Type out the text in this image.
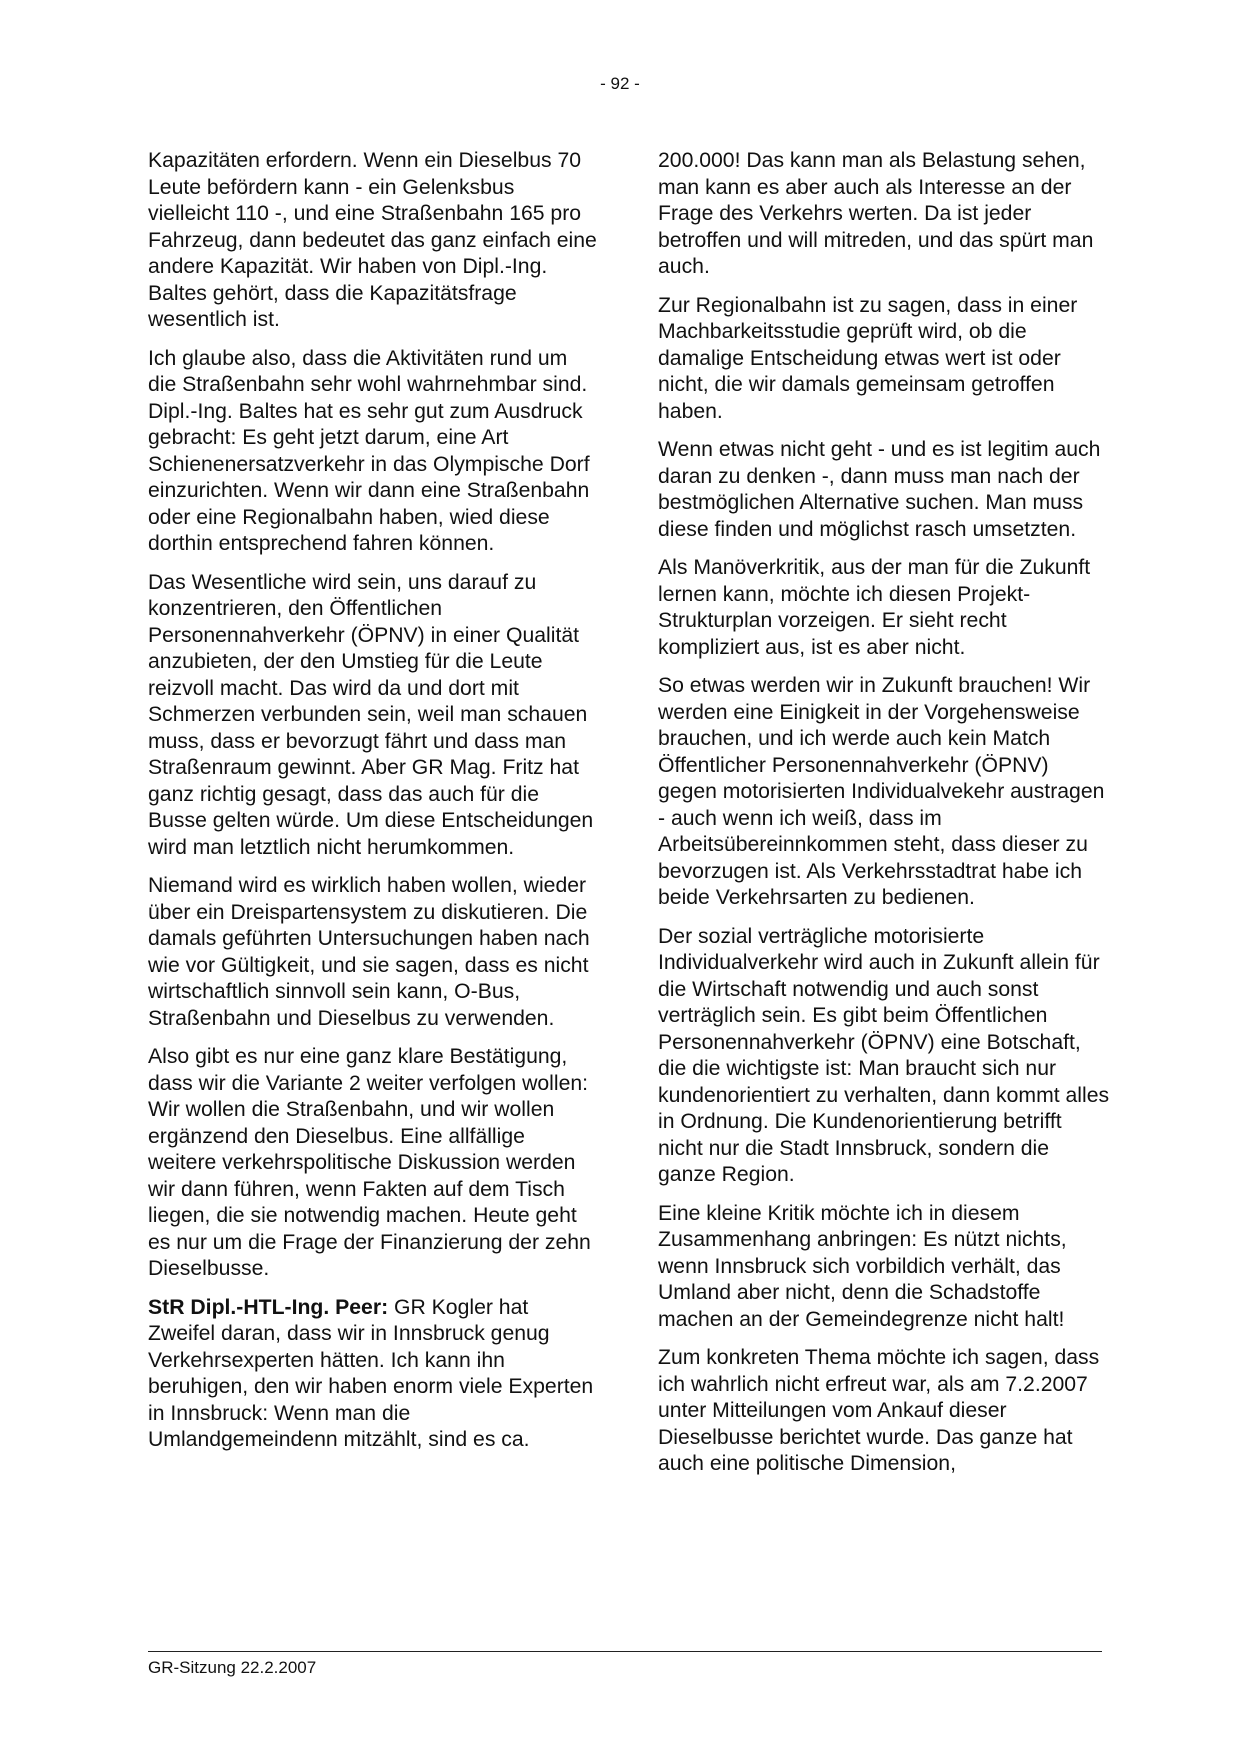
- 92 -

Kapazitäten erfordern. Wenn ein Dieselbus 70 Leute befördern kann - ein Gelenksbus vielleicht 110 -, und eine Straßenbahn 165 pro Fahrzeug, dann bedeutet das ganz einfach eine andere Kapazität. Wir haben von Dipl.-Ing. Baltes gehört, dass die Kapazitätsfrage wesentlich ist.

Ich glaube also, dass die Aktivitäten rund um die Straßenbahn sehr wohl wahrnehmbar sind. Dipl.-Ing. Baltes hat es sehr gut zum Ausdruck gebracht: Es geht jetzt darum, eine Art Schienenersatzverkehr in das Olympische Dorf einzurichten. Wenn wir dann eine Straßenbahn oder eine Regionalbahn haben, wied diese dorthin entsprechend fahren können.

Das Wesentliche wird sein, uns darauf zu konzentrieren, den Öffentlichen Personennahverkehr (ÖPNV) in einer Qualität anzubieten, der den Umstieg für die Leute reizvoll macht. Das wird da und dort mit Schmerzen verbunden sein, weil man schauen muss, dass er bevorzugt fährt und dass man Straßenraum gewinnt. Aber GR Mag. Fritz hat ganz richtig gesagt, dass das auch für die Busse gelten würde. Um diese Entscheidungen wird man letztlich nicht herumkommen.

Niemand wird es wirklich haben wollen, wieder über ein Dreispartensystem zu diskutieren. Die damals geführten Untersuchungen haben nach wie vor Gültigkeit, und sie sagen, dass es nicht wirtschaftlich sinnvoll sein kann, O-Bus, Straßenbahn und Dieselbus zu verwenden.

Also gibt es nur eine ganz klare Bestätigung, dass wir die Variante 2 weiter verfolgen wollen: Wir wollen die Straßenbahn, und wir wollen ergänzend den Dieselbus. Eine allfällige weitere verkehrspolitische Diskussion werden wir dann führen, wenn Fakten auf dem Tisch liegen, die sie notwendig machen. Heute geht es nur um die Frage der Finanzierung der zehn Dieselbusse.

StR Dipl.-HTL-Ing. Peer: GR Kogler hat Zweifel daran, dass wir in Innsbruck genug Verkehrsexperten hätten. Ich kann ihn beruhigen, den wir haben enorm viele Experten in Innsbruck: Wenn man die Umlandgemeindenn mitzählt, sind es ca.

200.000! Das kann man als Belastung sehen, man kann es aber auch als Interesse an der Frage des Verkehrs werten. Da ist jeder betroffen und will mitreden, und das spürt man auch.

Zur Regionalbahn ist zu sagen, dass in einer Machbarkeitsstudie geprüft wird, ob die damalige Entscheidung etwas wert ist oder nicht, die wir damals gemeinsam getroffen haben.

Wenn etwas nicht geht - und es ist legitim auch daran zu denken -, dann muss man nach der bestmöglichen Alternative suchen. Man muss diese finden und möglichst rasch umsetzten.

Als Manöverkritik, aus der man für die Zukunft lernen kann, möchte ich diesen Projekt-Strukturplan vorzeigen. Er sieht recht kompliziert aus, ist es aber nicht.

So etwas werden wir in Zukunft brauchen! Wir werden eine Einigkeit in der Vorgehensweise brauchen, und ich werde auch kein Match Öffentlicher Personennahverkehr (ÖPNV) gegen motorisierten Individualvekehr austragen - auch wenn ich weiß, dass im Arbeitsübereinnkommen steht, dass dieser zu bevorzugen ist. Als Verkehrsstadtrat habe ich beide Verkehrsarten zu bedienen.

Der sozial verträgliche motorisierte Individualverkehr wird auch in Zukunft allein für die Wirtschaft notwendig und auch sonst verträglich sein. Es gibt beim Öffentlichen Personennahverkehr (ÖPNV) eine Botschaft, die die wichtigste ist: Man braucht sich nur kundenorientiert zu verhalten, dann kommt alles in Ordnung. Die Kundenorientierung betrifft nicht nur die Stadt Innsbruck, sondern die ganze Region.

Eine kleine Kritik möchte ich in diesem Zusammenhang anbringen: Es nützt nichts, wenn Innsbruck sich vorbildich verhält, das Umland aber nicht, denn die Schadstoffe machen an der Gemeindegrenze nicht halt!

Zum konkreten Thema möchte ich sagen, dass ich wahrlich nicht erfreut war, als am 7.2.2007 unter Mitteilungen vom Ankauf dieser Dieselbusse berichtet wurde. Das ganze hat auch eine politische Dimension,

GR-Sitzung 22.2.2007
